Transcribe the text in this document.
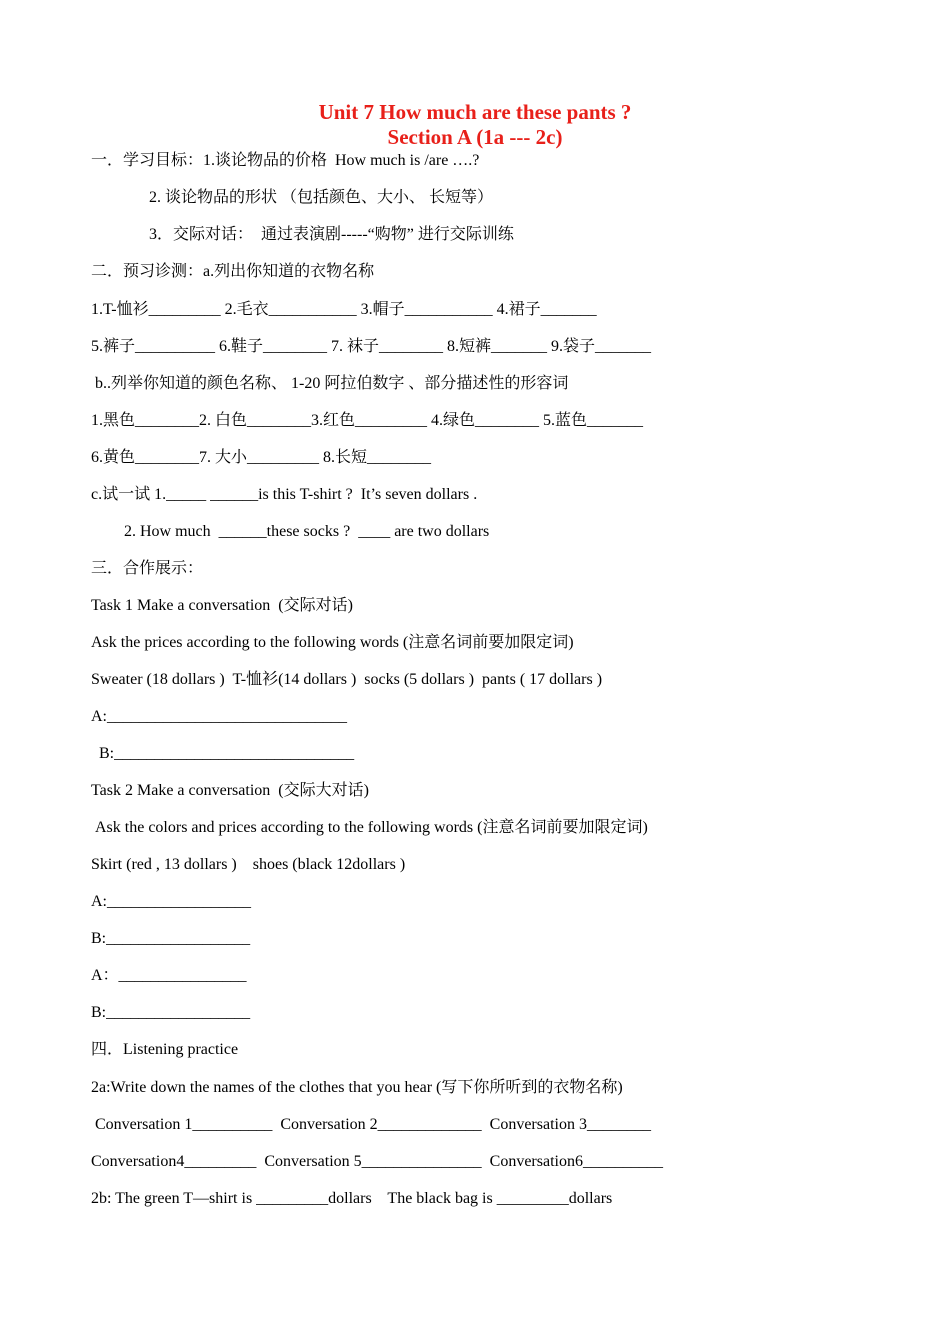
Unit 7 How much are these pants ?
Section A (1a --- 2c)
一．学习目标：1.谈论物品的价格  How much is /are ….?
2. 谈论物品的形状 （包括颜色、大小、 长短等）
3．交际对话：  通过表演剧-----“购物” 进行交际训练
二．预习诊测：a.列出你知道的衣物名称
1.T-恤衫_________ 2.毛衣___________ 3.帽子___________ 4.裙子_______
5.裤子__________ 6.鞋子________ 7. 袜子________ 8.短裤_______ 9.袋子_______
b..列举你知道的颜色名称、 1-20 阿拉伯数字 、部分描述性的形容词
1.黑色________2. 白色________3.红色_________ 4.绿色________ 5.蓝色_______
6.黄色________7. 大小_________ 8.长短________
c.试一试 1._____ ______is this T-shirt ?  It’s seven dollars .
2. How much  ______these socks ?  ____ are two dollars
三．合作展示：
Task 1 Make a conversation  (交际对话)
Ask the prices according to the following words (注意名词前要加限定词)
Sweater (18 dollars )  T-恤衫(14 dollars )  socks (5 dollars )  pants ( 17 dollars )
A:______________________________
B:______________________________
Task 2 Make a conversation  (交际大对话)
Ask the colors and prices according to the following words (注意名词前要加限定词)
Skirt (red , 13 dollars )    shoes (black 12dollars )
A:__________________
B:__________________
A：________________
B:__________________
四．Listening practice
2a:Write down the names of the clothes that you hear (写下你所听到的衣物名称)
Conversation 1__________  Conversation 2_____________  Conversation 3________
Conversation4_________  Conversation 5_______________  Conversation6__________
2b: The green T—shirt is _________dollars    The black bag is _________dollars
